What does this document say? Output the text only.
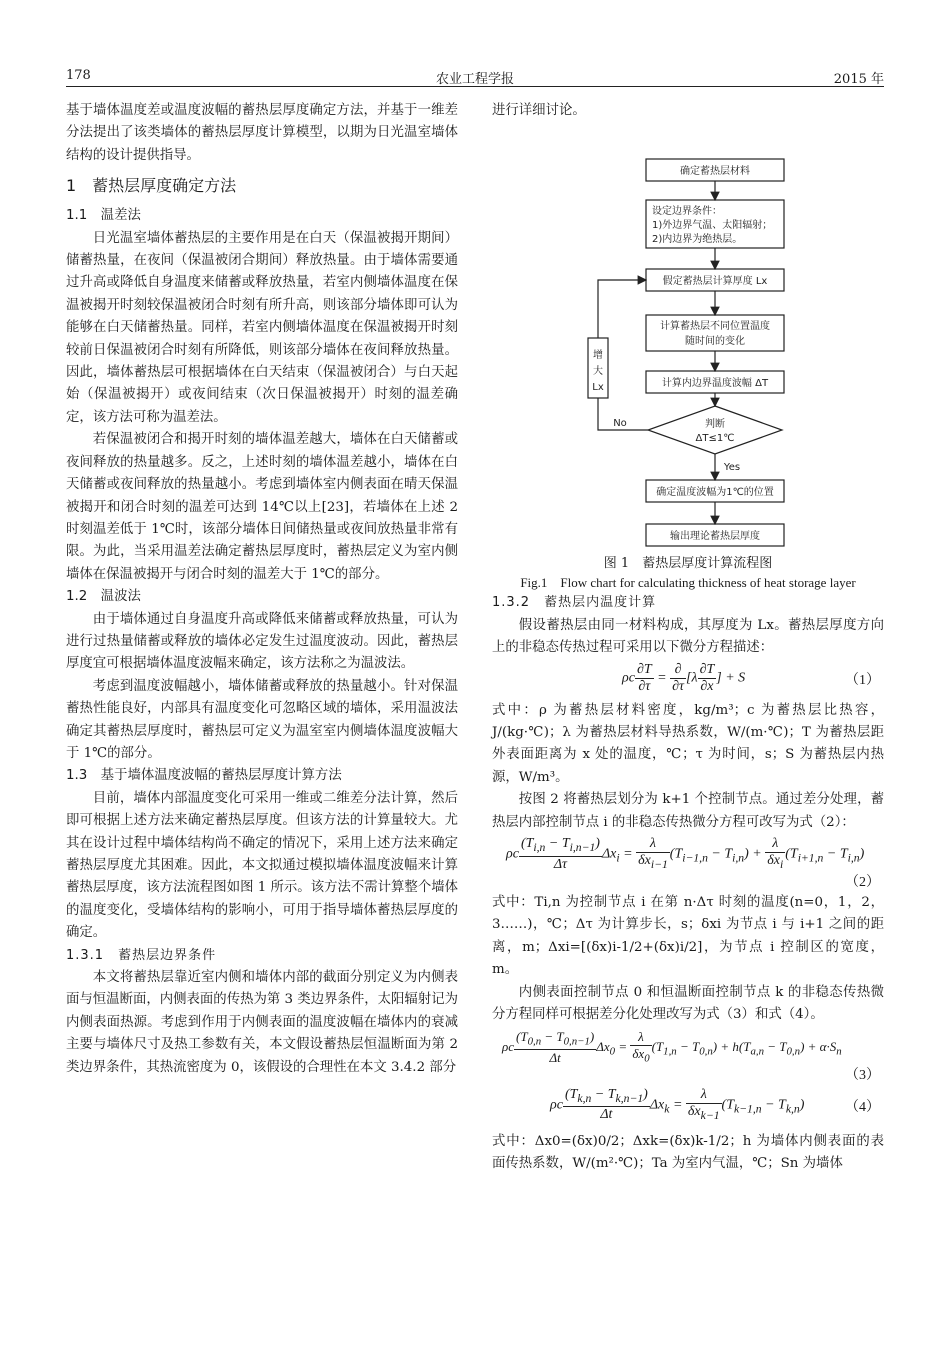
178	农业工程学报	2015 年

基于墙体温度差或温度波幅的蓄热层厚度确定方法，并基于一维差分法提出了该类墙体的蓄热层厚度计算模型，以期为日光温室墙体结构的设计提供指导。

1　蓄热层厚度确定方法
1.1　温差法

日光温室墙体蓄热层的主要作用是在白天（保温被揭开期间）储蓄热量，在夜间（保温被闭合期间）释放热量。由于墙体需要通过升高或降低自身温度来储蓄或释放热量，若室内侧墙体温度在保温被揭开时刻较保温被闭合时刻有所升高，则该部分墙体即可认为能够在白天储蓄热量。同样，若室内侧墙体温度在保温被揭开时刻较前日保温被闭合时刻有所降低，则该部分墙体在夜间释放热量。因此，墙体蓄热层可根据墙体在白天结束（保温被闭合）与白天起始（保温被揭开）或夜间结束（次日保温被揭开）时刻的温差确定，该方法可称为温差法。

若保温被闭合和揭开时刻的墙体温差越大，墙体在白天储蓄或夜间释放的热量越多。反之，上述时刻的墙体温差越小，墙体在白天储蓄或夜间释放的热量越小。考虑到墙体室内侧表面在晴天保温被揭开和闭合时刻的温差可达到 14℃以上[23]，若墙体在上述 2 时刻温差低于 1℃时，该部分墙体日间储热量或夜间放热量非常有限。为此，当采用温差法确定蓄热层厚度时，蓄热层定义为室内侧墙体在保温被揭开与闭合时刻的温差大于 1℃的部分。

1.2　温波法

由于墙体通过自身温度升高或降低来储蓄或释放热量，可认为进行过热量储蓄或释放的墙体必定发生过温度波动。因此，蓄热层厚度宜可根据墙体温度波幅来确定，该方法称之为温波法。

考虑到温度波幅越小，墙体储蓄或释放的热量越小。针对保温蓄热性能良好，内部具有温度变化可忽略区域的墙体，采用温波法确定其蓄热层厚度时，蓄热层可定义为温室室内侧墙体温度波幅大于 1℃的部分。

1.3　基于墙体温度波幅的蓄热层厚度计算方法

目前，墙体内部温度变化可采用一维或二维差分法计算，然后即可根据上述方法来确定蓄热层厚度。但该方法的计算量较大。尤其在设计过程中墙体结构尚不确定的情况下，采用上述方法来确定蓄热层厚度尤其困难。因此，本文拟通过模拟墙体温度波幅来计算蓄热层厚度，该方法流程图如图 1 所示。该方法不需计算整个墙体的温度变化，受墙体结构的影响小，可用于指导墙体蓄热层厚度的确定。

1.3.1　蓄热层边界条件

本文将蓄热层靠近室内侧和墙体内部的截面分别定义为内侧表面与恒温断面，内侧表面的传热为第 3 类边界条件，太阳辐射记为内侧表面热源。考虑到作用于内侧表面的温度波幅在墙体内的衰减主要与墙体尺寸及热工参数有关，本文假设蓄热层恒温断面为第 2 类边界条件，其热流密度为 0，该假设的合理性在本文 3.4.2 部分

进行详细讨论。

确定蓄热层材料
设定边界条件：
1)外边界气温、太阳辐射；
2)内边界为绝热层。
假定蓄热层计算厚度 Lx
计算蓄热层不同位置温度
随时间的变化
计算内边界温度波幅 ΔT
判断
ΔT≤1℃
增
大
Lx
No
Yes
确定温度波幅为1℃的位置
输出理论蓄热层厚度

图 1　蓄热层厚度计算流程图

Fig.1　Flow chart for calculating thickness of heat storage layer

1.3.2　蓄热层内温度计算

假设蓄热层由同一材料构成，其厚度为 Lx。蓄热层厚度方向上的非稳态传热过程可采用以下微分方程描述：

ρc $\frac{\partial T}{\partial\tau} = \frac{\partial}{\partial\tau} [\lambda \frac{\partial T}{\partial x}$ ] + S	（1）

式中：ρ 为蓄热层材料密度，kg/m³；c 为蓄热层比热容，J/(kg·℃)；λ 为蓄热层材料导热系数，W/(m·℃)；T 为蓄热层距外表面距离为 x 处的温度，℃；τ 为时间，s；S 为蓄热层内热源，W/m³。

按图 2 将蓄热层划分为 k+1 个控制节点。通过差分处理，蓄热层内部控制节点 i 的非稳态传热微分方程可改写为式（2）：

ρc $\frac{(T_{i,n} - T_{i,n-1})}{\Delta\tau} \Delta x_i = \frac{\lambda}{\delta x_{i-1}} (T_{i-1,n} - T_{i,n}) + \frac{\lambda}{\delta x_i} (T_{i+1,n} - T_{i,n})$
（2）

式中：Ti,n 为控制节点 i 在第 n·Δτ 时刻的温度(n=0，1，2，3……)，℃；Δτ 为计算步长，s；δxi 为节点 i 与 i+1 之间的距离，m；Δxi=[(δx)i-1/2+(δx)i/2]，为节点 i 控制区的宽度，m。

内侧表面控制节点 0 和恒温断面控制节点 k 的非稳态传热微分方程同样可根据差分化处理改写为式（3）和式（4）。

ρc $\frac{(T_{0,n} - T_{0,n-1})}{\Delta t} \Delta x_0 = \frac{\lambda}{\delta x_0} (T_{1,n} - T_{0,n}) + h(T_{a,n} - T_{0,n}) + \alpha\cdot S_n$
（3）
ρc $\frac{(T_{k,n} - T_{k,n-1})}{\Delta t} \Delta x_k = \frac{\lambda}{\delta x_{k-1}} (T_{k-1,n} - T_{k,n})$	（4）

式中：Δx0=(δx)0/2；Δxk=(δx)k-1/2；h 为墙体内侧表面的表面传热系数，W/(m²·℃)；Ta 为室内气温，℃；Sn 为墙体
